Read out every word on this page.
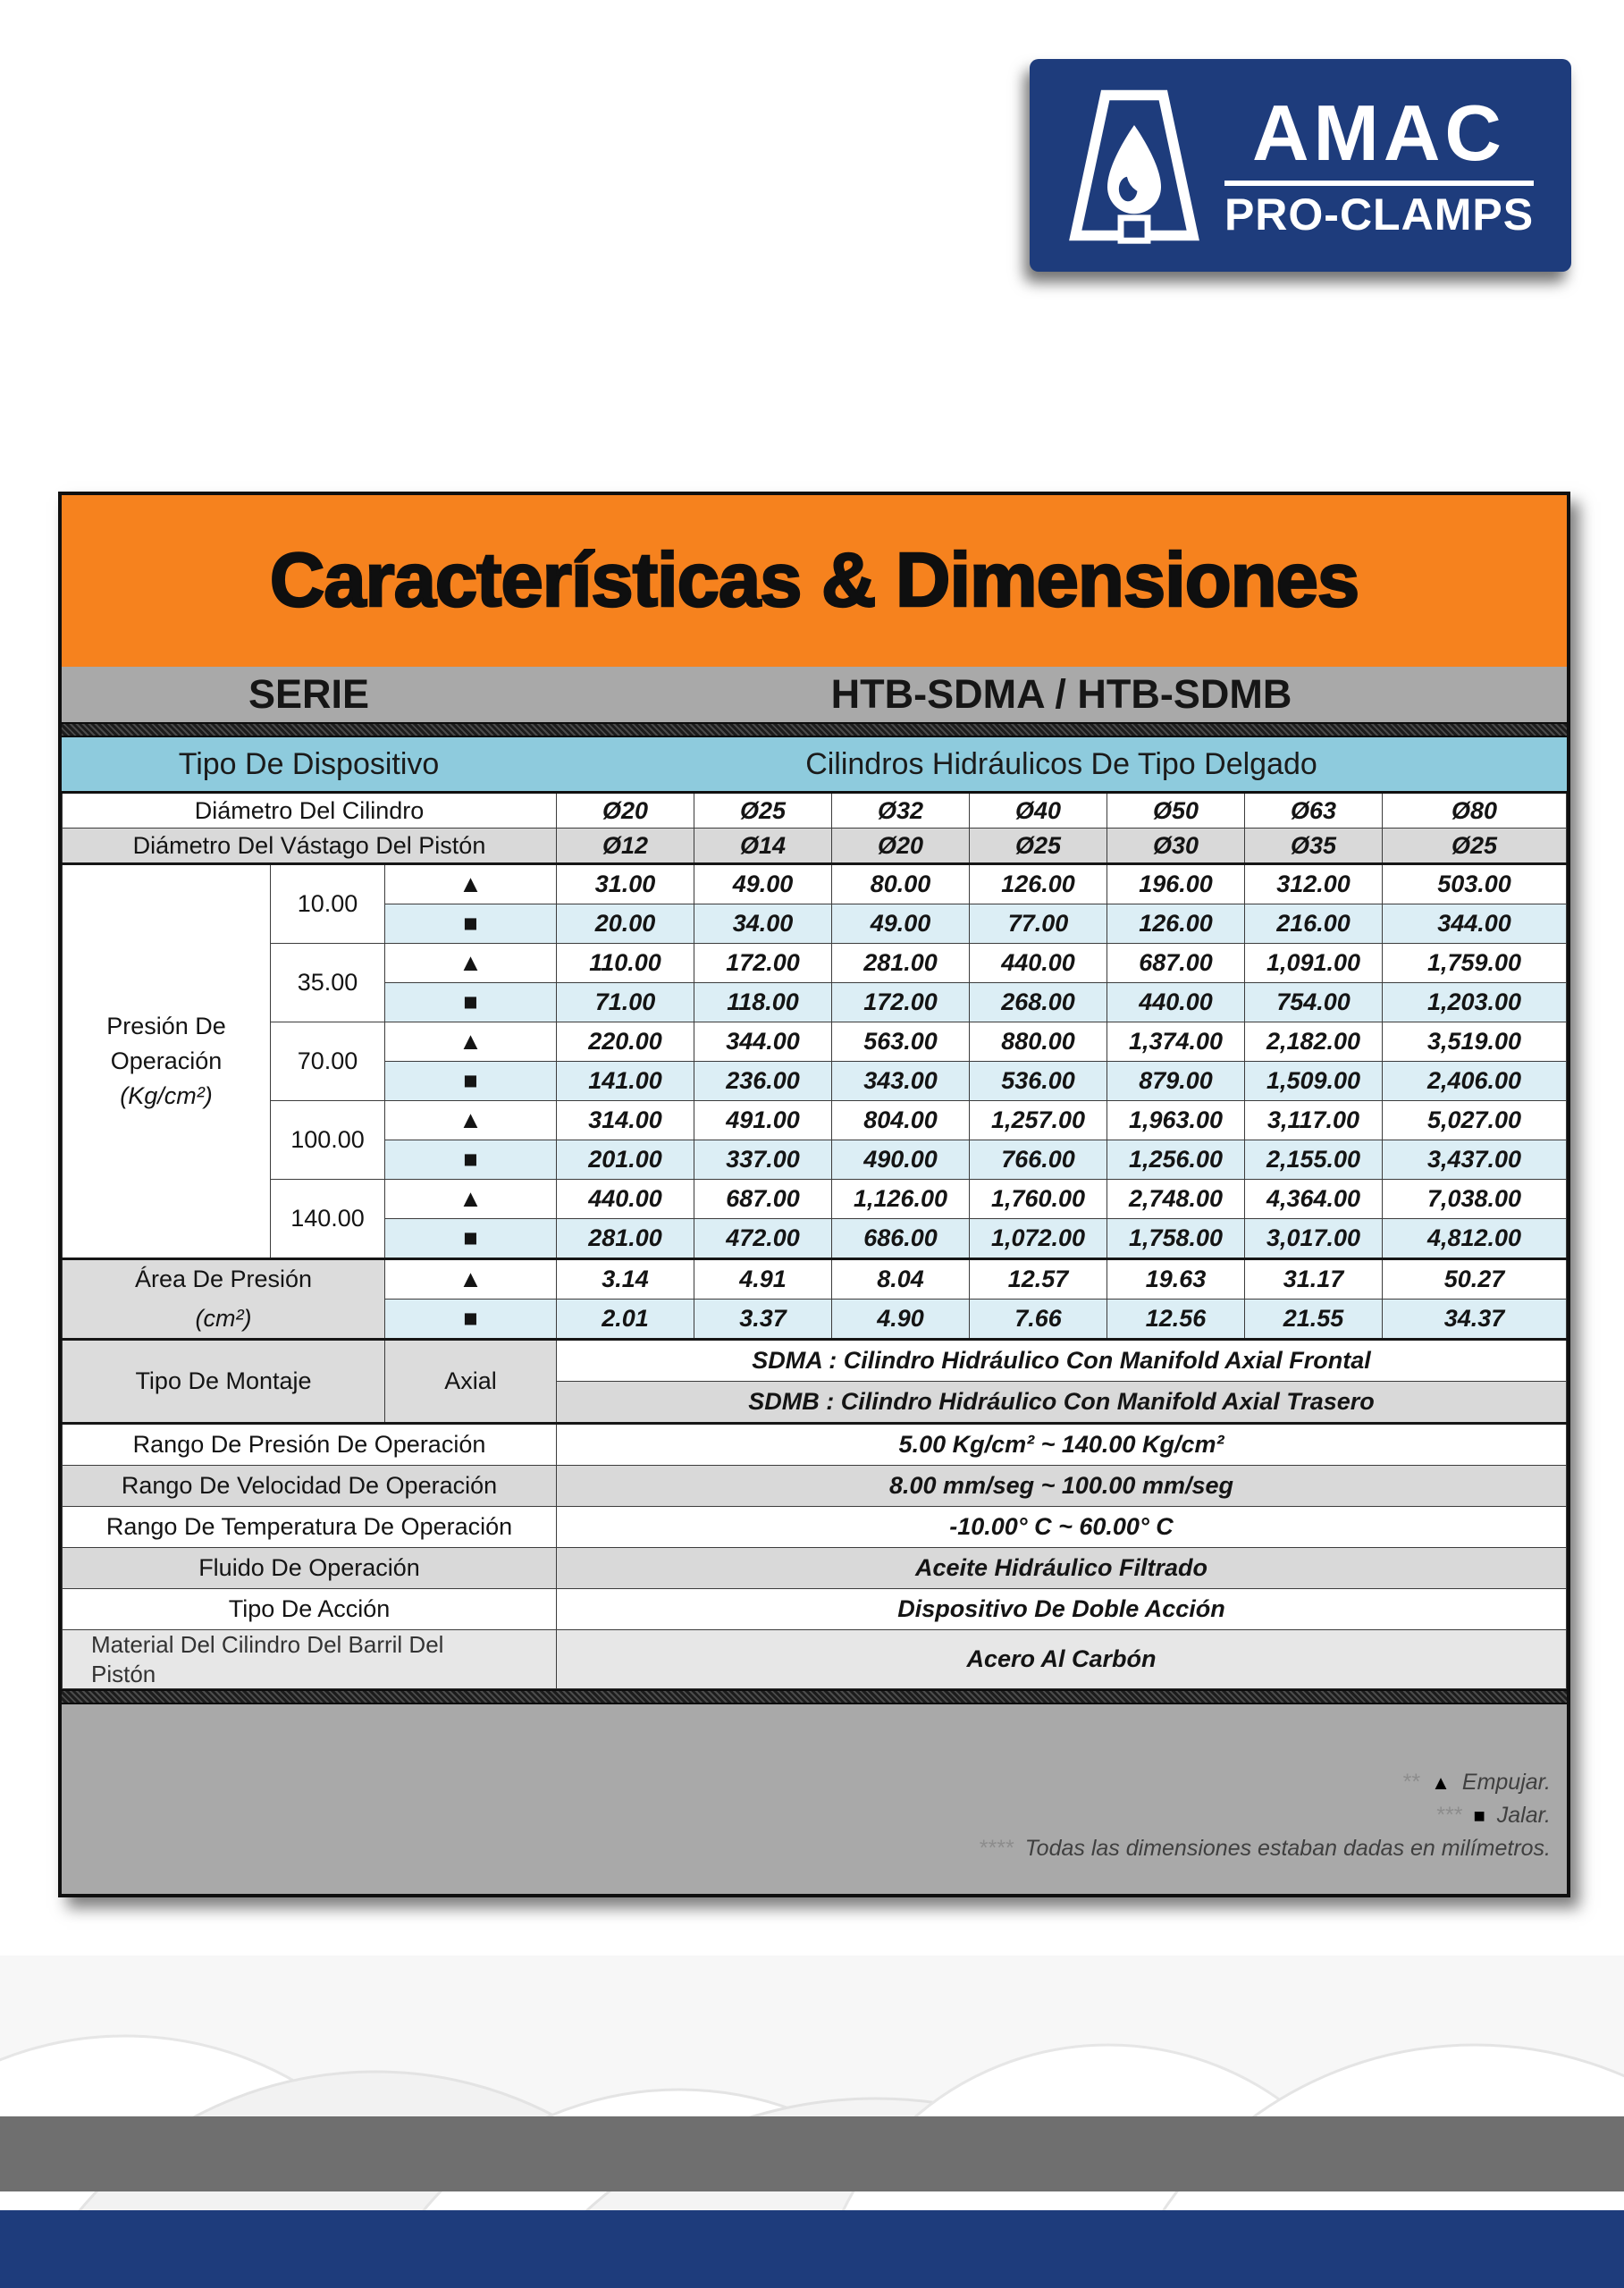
AMAC
PRO-CLAMPS
Características & Dimensiones
SERIE	HTB-SDMA / HTB-SDMB
Tipo De Dispositivo	Cilindros Hidráulicos De Tipo Delgado
Diámetro Del Cilindro			Ø20	Ø25	Ø32	Ø40	Ø50	Ø63	Ø80
Diámetro Del Vástago Del Pistón			Ø12	Ø14	Ø20	Ø25	Ø30	Ø35	Ø25

Presión De Operación
(Kg/cm²)	10.00	▲	31.00	49.00	80.00	126.00	196.00	312.00	503.00
		■	20.00	34.00	49.00	77.00	126.00	216.00	344.00
	35.00	▲	110.00	172.00	281.00	440.00	687.00	1,091.00	1,759.00
		■	71.00	118.00	172.00	268.00	440.00	754.00	1,203.00
	70.00	▲	220.00	344.00	563.00	880.00	1,374.00	2,182.00	3,519.00
		■	141.00	236.00	343.00	536.00	879.00	1,509.00	2,406.00
	100.00	▲	314.00	491.00	804.00	1,257.00	1,963.00	3,117.00	5,027.00
		■	201.00	337.00	490.00	766.00	1,256.00	2,155.00	3,437.00
	140.00	▲	440.00	687.00	1,126.00	1,760.00	2,748.00	4,364.00	7,038.00
		■	281.00	472.00	686.00	1,072.00	1,758.00	3,017.00	4,812.00

Área De Presión
(cm²)		▲	3.14	4.91	8.04	12.57	19.63	31.17	50.27
		■	2.01	3.37	4.90	7.66	12.56	21.55	34.37
Tipo De Montaje		Axial	SDMA : Cilindro Hidráulico Con Manifold Axial Frontal						
			SDMB : Cilindro Hidráulico Con Manifold Axial Trasero						
Rango De Presión De Operación			5.00 Kg/cm² ~ 140.00 Kg/cm²						
Rango De Velocidad De Operación			8.00 mm/seg ~ 100.00 mm/seg						
Rango De Temperatura De Operación			-10.00° C ~ 60.00° C						
Fluido De Operación			Aceite Hidráulico Filtrado						
Tipo De Acción			Dispositivo De Doble Acción						

Material Del Cilindro Del Barril Del Pistón			Acero Al Carbón						
** ▲ Empujar.
*** ■ Jalar.
**** Todas las dimensiones estaban dadas en milímetros.
